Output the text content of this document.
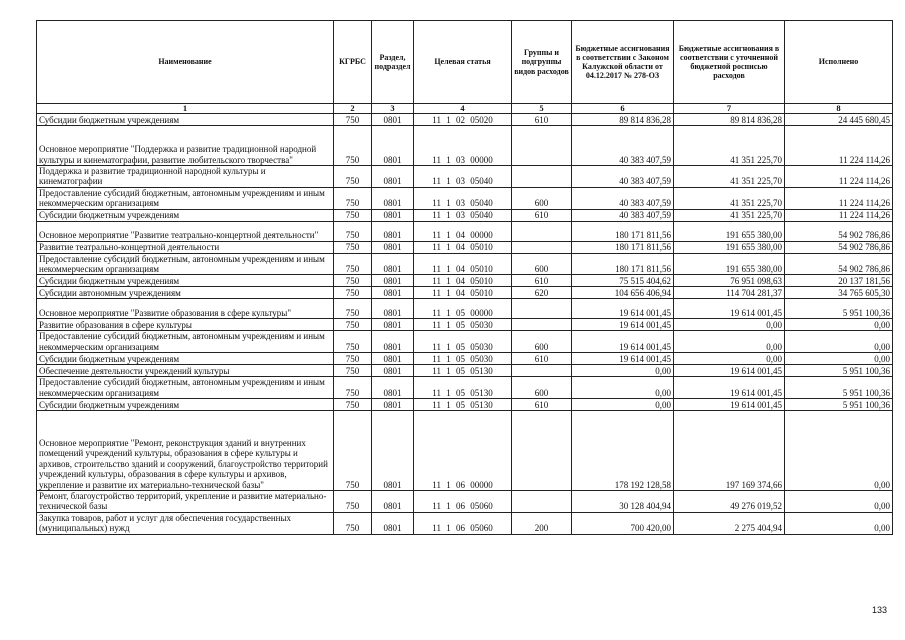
Наименование	КГРБС	Раздел, подраздел	Целевая статья	Группы и подгруппы видов расходов	Бюджетные ассигнования в соответствии с Законом Калужской области от 04.12.2017 № 278-ОЗ	Бюджетные ассигнования в соответствии с уточненной бюджетной росписью расходов	Исполнено
1	2	3	4	5	6	7	8
Субсидии бюджетным учреждениям	750	0801	11 1 02 05020	610	89 814 836,28	89 814 836,28	24 445 680,45
Основное мероприятие "Поддержка и развитие традиционной народной культуры и кинематографии, развитие любительского творчества"	750	0801	11 1 03 00000		40 383 407,59	41 351 225,70	11 224 114,26
Поддержка и развитие традиционной народной культуры и кинематографии	750	0801	11 1 03 05040		40 383 407,59	41 351 225,70	11 224 114,26
Предоставление субсидий бюджетным, автономным учреждениям и иным некоммерческим организациям	750	0801	11 1 03 05040	600	40 383 407,59	41 351 225,70	11 224 114,26
Субсидии бюджетным учреждениям	750	0801	11 1 03 05040	610	40 383 407,59	41 351 225,70	11 224 114,26
Основное мероприятие "Развитие театрально-концертной деятельности"	750	0801	11 1 04 00000		180 171 811,56	191 655 380,00	54 902 786,86
Развитие театрально-концертной деятельности	750	0801	11 1 04 05010		180 171 811,56	191 655 380,00	54 902 786,86
Предоставление субсидий бюджетным, автономным учреждениям и иным некоммерческим организациям	750	0801	11 1 04 05010	600	180 171 811,56	191 655 380,00	54 902 786,86
Субсидии бюджетным учреждениям	750	0801	11 1 04 05010	610	75 515 404,62	76 951 098,63	20 137 181,56
Субсидии автономным учреждениям	750	0801	11 1 04 05010	620	104 656 406,94	114 704 281,37	34 765 605,30
Основное мероприятие "Развитие образования в сфере культуры"	750	0801	11 1 05 00000		19 614 001,45	19 614 001,45	5 951 100,36
Развитие образования в сфере культуры	750	0801	11 1 05 05030		19 614 001,45	0,00	0,00
Предоставление субсидий бюджетным, автономным учреждениям и иным некоммерческим организациям	750	0801	11 1 05 05030	600	19 614 001,45	0,00	0,00
Субсидии бюджетным учреждениям	750	0801	11 1 05 05030	610	19 614 001,45	0,00	0,00
Обеспечение деятельности учреждений культуры	750	0801	11 1 05 05130		0,00	19 614 001,45	5 951 100,36
Предоставление субсидий бюджетным, автономным учреждениям и иным некоммерческим организациям	750	0801	11 1 05 05130	600	0,00	19 614 001,45	5 951 100,36
Субсидии бюджетным учреждениям	750	0801	11 1 05 05130	610	0,00	19 614 001,45	5 951 100,36
Основное мероприятие "Ремонт, реконструкция зданий и внутренних помещений учреждений культуры, образования в сфере культуры и архивов, строительство зданий и сооружений, благоустройство территорий учреждений культуры, образования в сфере культуры и архивов, укрепление и развитие их материально-технической базы"	750	0801	11 1 06 00000		178 192 128,58	197 169 374,66	0,00
Ремонт, благоустройство территорий, укрепление и развитие материально-технической базы	750	0801	11 1 06 05060		30 128 404,94	49 276 019,52	0,00
Закупка товаров, работ и услуг для обеспечения государственных (муниципальных) нужд	750	0801	11 1 06 05060	200	700 420,00	2 275 404,94	0,00
133
